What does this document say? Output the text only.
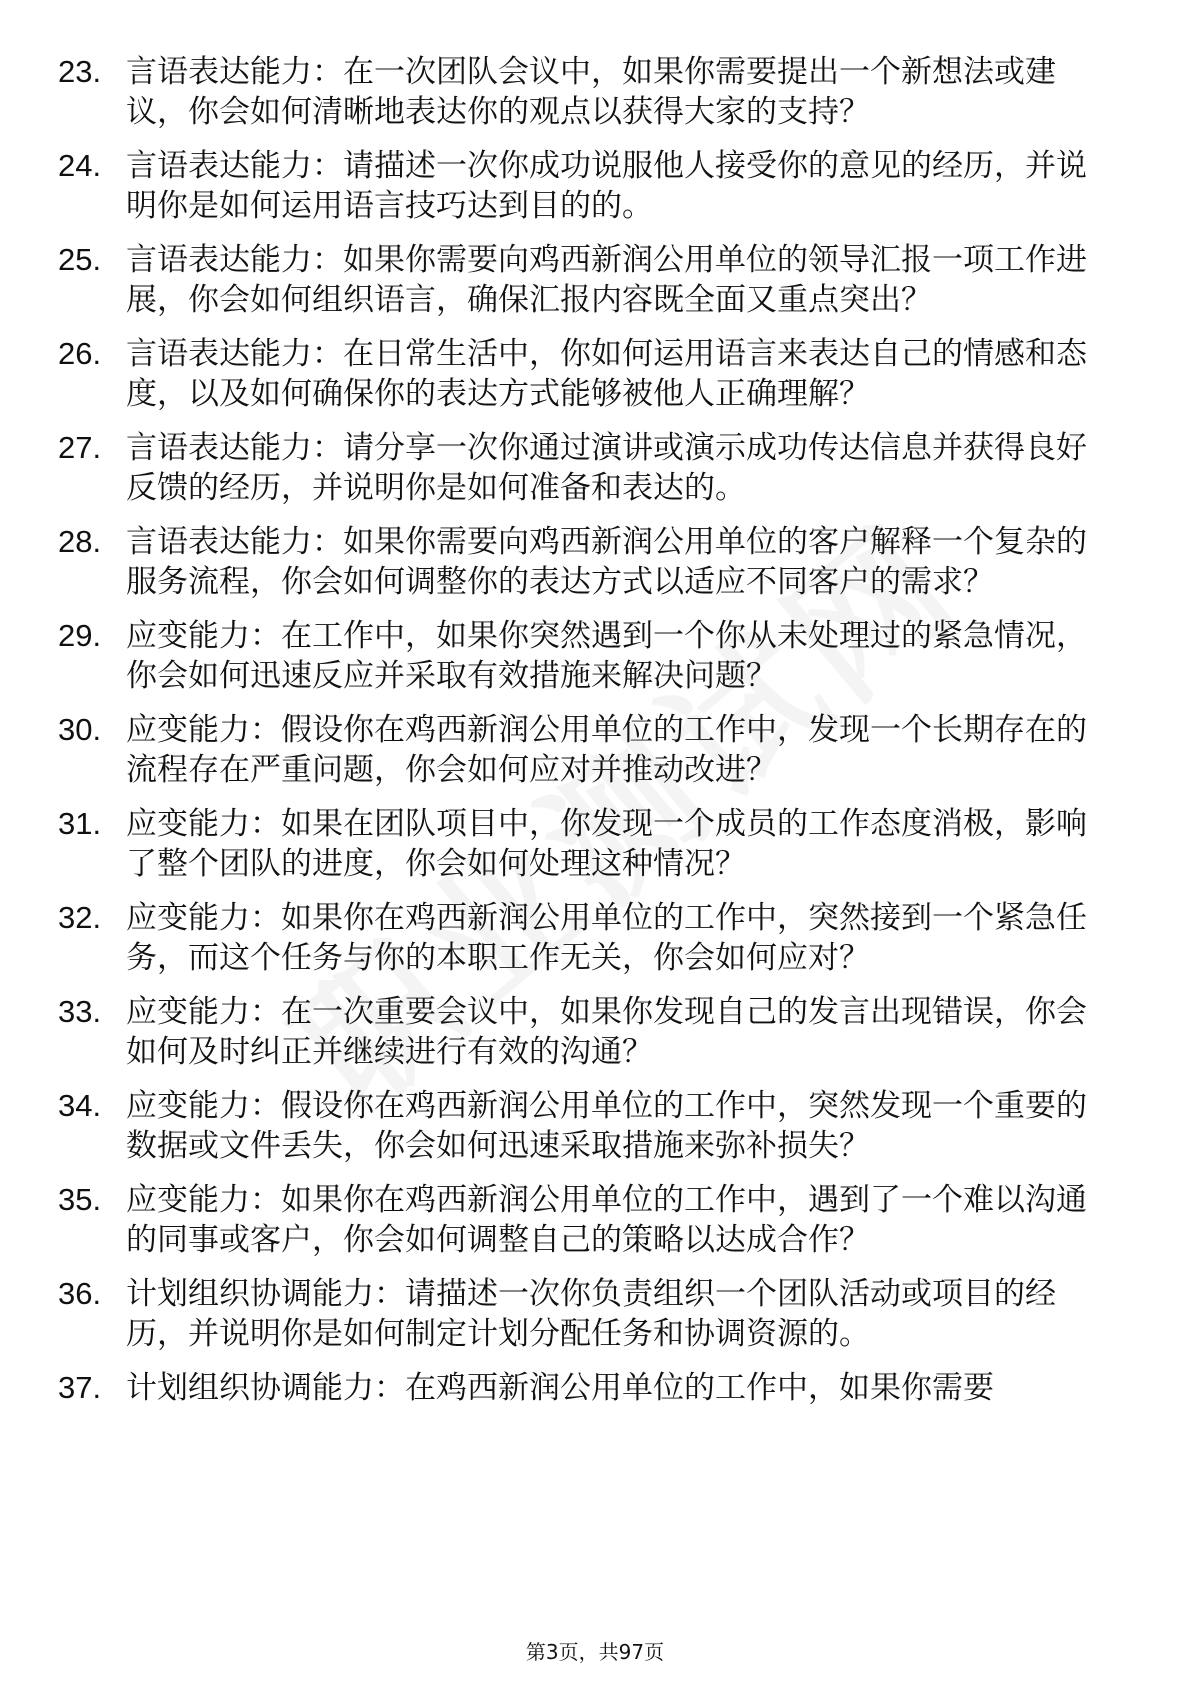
23. 言语表达能力：在一次团队会议中，如果你需要提出一个新想法或建议，你会如何清晰地表达你的观点以获得大家的支持？
24. 言语表达能力：请描述一次你成功说服他人接受你的意见的经历，并说明你是如何运用语言技巧达到目的的。
25. 言语表达能力：如果你需要向鸡西新润公用单位的领导汇报一项工作进展，你会如何组织语言，确保汇报内容既全面又重点突出？
26. 言语表达能力：在日常生活中，你如何运用语言来表达自己的情感和态度，以及如何确保你的表达方式能够被他人正确理解？
27. 言语表达能力：请分享一次你通过演讲或演示成功传达信息并获得良好反馈的经历，并说明你是如何准备和表达的。
28. 言语表达能力：如果你需要向鸡西新润公用单位的客户解释一个复杂的服务流程，你会如何调整你的表达方式以适应不同客户的需求？
29. 应变能力：在工作中，如果你突然遇到一个你从未处理过的紧急情况，你会如何迅速反应并采取有效措施来解决问题？
30. 应变能力：假设你在鸡西新润公用单位的工作中，发现一个长期存在的流程存在严重问题，你会如何应对并推动改进？
31. 应变能力：如果在团队项目中，你发现一个成员的工作态度消极，影响了整个团队的进度，你会如何处理这种情况？
32. 应变能力：如果你在鸡西新润公用单位的工作中，突然接到一个紧急任务，而这个任务与你的本职工作无关，你会如何应对？
33. 应变能力：在一次重要会议中，如果你发现自己的发言出现错误，你会如何及时纠正并继续进行有效的沟通？
34. 应变能力：假设你在鸡西新润公用单位的工作中，突然发现一个重要的数据或文件丢失，你会如何迅速采取措施来弥补损失？
35. 应变能力：如果你在鸡西新润公用单位的工作中，遇到了一个难以沟通的同事或客户，你会如何调整自己的策略以达成合作？
36. 计划组织协调能力：请描述一次你负责组织一个团队活动或项目的经历，并说明你是如何制定计划分配任务和协调资源的。
37. 计划组织协调能力：在鸡西新润公用单位的工作中，如果你需要
第3页，共97页
